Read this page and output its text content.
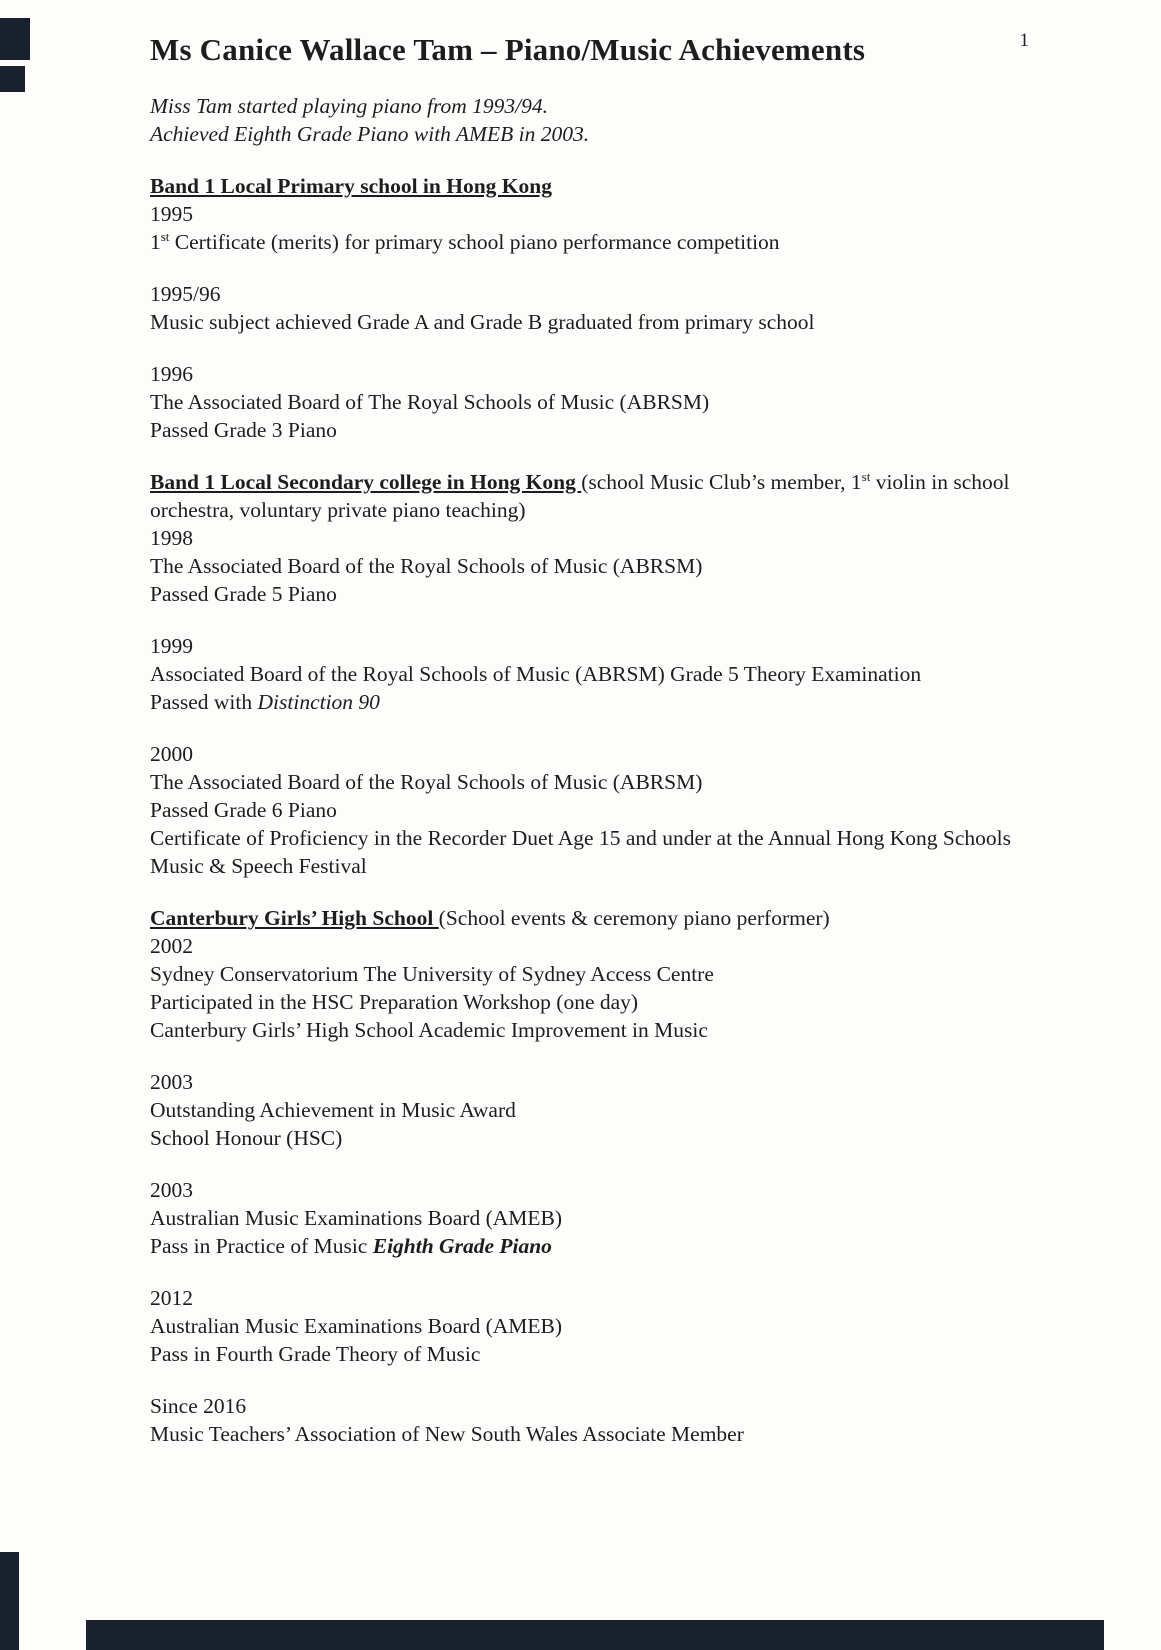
1
Ms Canice Wallace Tam – Piano/Music Achievements
Miss Tam started playing piano from 1993/94.
Achieved Eighth Grade Piano with AMEB in 2003.
Band 1 Local Primary school in Hong Kong
1995
1st Certificate (merits) for primary school piano performance competition
1995/96
Music subject achieved Grade A and Grade B graduated from primary school
1996
The Associated Board of The Royal Schools of Music (ABRSM)
Passed Grade 3 Piano
Band 1 Local Secondary college in Hong Kong (school Music Club’s member, 1st violin in school orchestra, voluntary private piano teaching)
1998
The Associated Board of the Royal Schools of Music (ABRSM)
Passed Grade 5 Piano
1999
Associated Board of the Royal Schools of Music (ABRSM) Grade 5 Theory Examination
Passed with Distinction 90
2000
The Associated Board of the Royal Schools of Music (ABRSM)
Passed Grade 6 Piano
Certificate of Proficiency in the Recorder Duet Age 15 and under at the Annual Hong Kong Schools Music & Speech Festival
Canterbury Girls’ High School (School events & ceremony piano performer)
2002
Sydney Conservatorium The University of Sydney Access Centre
Participated in the HSC Preparation Workshop (one day)
Canterbury Girls’ High School Academic Improvement in Music
2003
Outstanding Achievement in Music Award
School Honour (HSC)
2003
Australian Music Examinations Board (AMEB)
Pass in Practice of Music Eighth Grade Piano
2012
Australian Music Examinations Board (AMEB)
Pass in Fourth Grade Theory of Music
Since 2016
Music Teachers’ Association of New South Wales Associate Member
